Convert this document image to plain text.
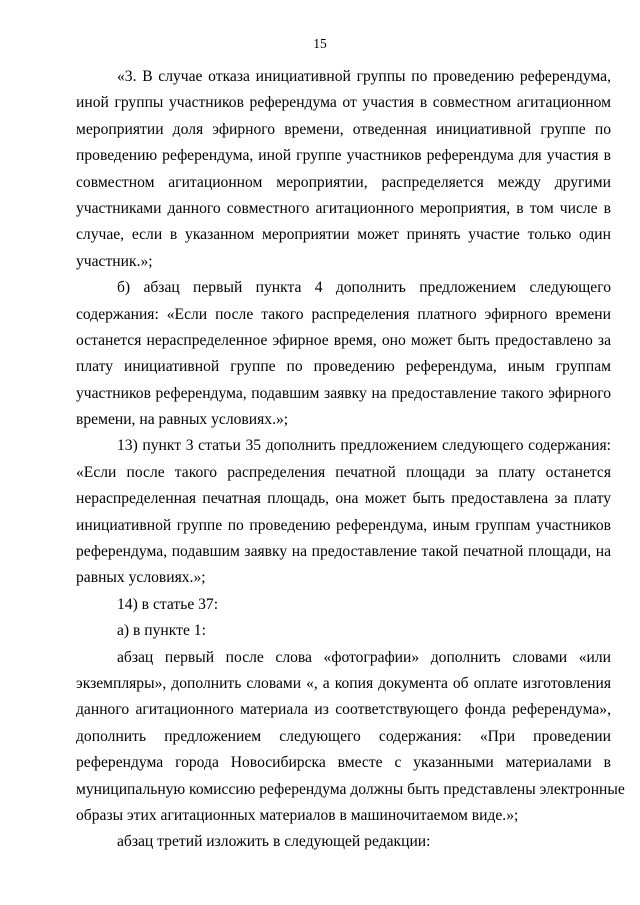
15
«3. В случае отказа инициативной группы по проведению референдума,
иной группы участников референдума от участия в совместном агитационном
мероприятии доля эфирного времени, отведенная инициативной группе по
проведению референдума, иной группе участников референдума для участия в
совместном агитационном мероприятии, распределяется между другими
участниками данного совместного агитационного мероприятия, в том числе в
случае, если в указанном мероприятии может принять участие только один
участник.»;
б) абзац первый пункта 4 дополнить предложением следующего
содержания: «Если после такого распределения платного эфирного времени
останется нераспределенное эфирное время, оно может быть предоставлено за
плату инициативной группе по проведению референдума, иным группам
участников референдума, подавшим заявку на предоставление такого эфирного
времени, на равных условиях.»;
13) пункт 3 статьи 35 дополнить предложением следующего содержания:
«Если после такого распределения печатной площади за плату останется
нераспределенная печатная площадь, она может быть предоставлена за плату
инициативной группе по проведению референдума, иным группам участников
референдума, подавшим заявку на предоставление такой печатной площади, на
равных условиях.»;
14) в статье 37:
а) в пункте 1:
абзац первый после слова «фотографии» дополнить словами «или
экземпляры», дополнить словами «, а копия документа об оплате изготовления
данного агитационного материала из соответствующего фонда референдума»,
дополнить предложением следующего содержания: «При проведении
референдума города Новосибирска вместе с указанными материалами в
муниципальную комиссию референдума должны быть представлены электронные
образы этих агитационных материалов в машиночитаемом виде.»;
абзац третий изложить в следующей редакции:
